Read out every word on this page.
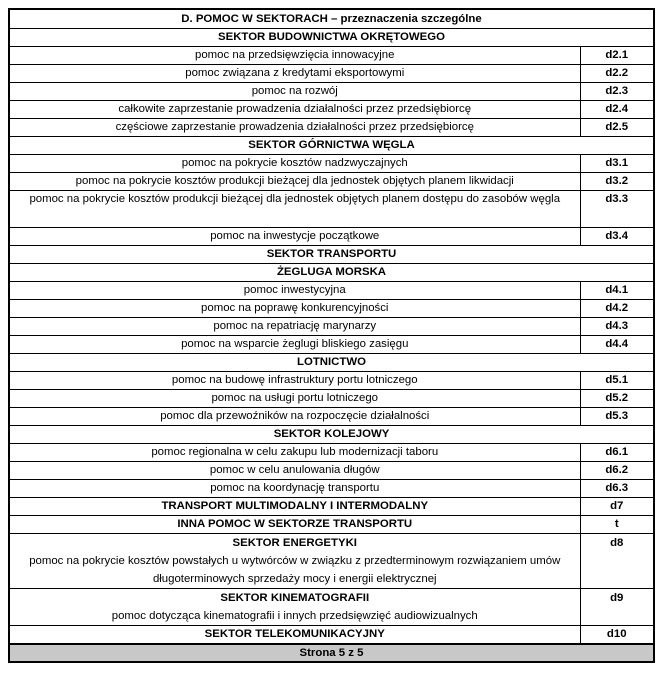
D. POMOC W SEKTORACH – przeznaczenia szczególne	
SEKTOR BUDOWNICTWA OKRĘTOWEGO	
pomoc na przedsięwzięcia innowacyjne	d2.1
pomoc związana z kredytami eksportowymi	d2.2
pomoc na rozwój	d2.3
całkowite zaprzestanie prowadzenia działalności przez przedsiębiorcę	d2.4
częściowe zaprzestanie prowadzenia działalności przez przedsiębiorcę	d2.5
SEKTOR GÓRNICTWA WĘGLA	
pomoc na pokrycie kosztów nadzwyczajnych	d3.1
pomoc na pokrycie kosztów produkcji bieżącej dla jednostek objętych planem likwidacji	d3.2
pomoc na pokrycie kosztów produkcji bieżącej dla jednostek objętych planem dostępu do zasobów węgla	d3.3
pomoc na inwestycje początkowe	d3.4
SEKTOR TRANSPORTU	
ŻEGLUGA MORSKA	
pomoc inwestycyjna	d4.1
pomoc na poprawę konkurencyjności	d4.2
pomoc na repatriację marynarzy	d4.3
pomoc na wsparcie żeglugi bliskiego zasięgu	d4.4
LOTNICTWO	
pomoc na budowę infrastruktury portu lotniczego	d5.1
pomoc na usługi portu lotniczego	d5.2
pomoc dla przewoźników na rozpoczęcie działalności	d5.3
SEKTOR KOLEJOWY	
pomoc regionalna w celu zakupu lub modernizacji taboru	d6.1
pomoc w celu anulowania długów	d6.2
pomoc na koordynację transportu	d6.3
TRANSPORT MULTIMODALNY I INTERMODALNY	d7
INNA POMOC W SEKTORZE TRANSPORTU	t

SEKTOR ENERGETYKI
pomoc na pokrycie kosztów powstałych u wytwórców w związku z przedterminowym rozwiązaniem umów długoterminowych sprzedaży mocy i energii elektrycznej	d8

SEKTOR KINEMATOGRAFII
pomoc dotycząca kinematografii i innych przedsięwzięć audiowizualnych	d9
SEKTOR TELEKOMUNIKACYJNY	d10
Strona 5 z 5	
